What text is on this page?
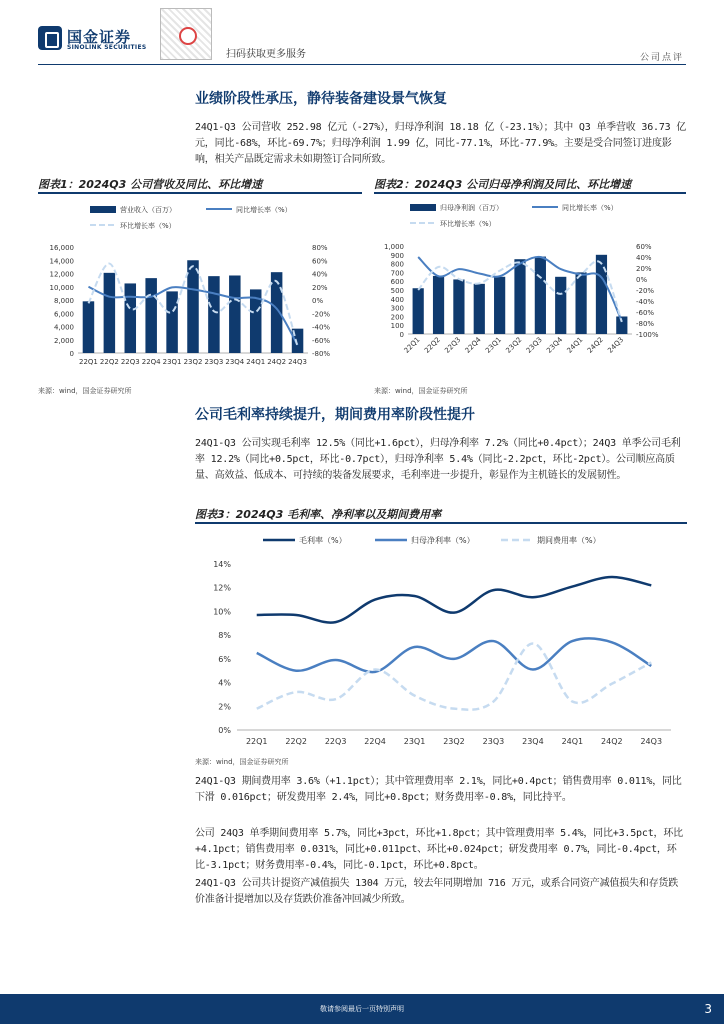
国金证券
SINOLINK SECURITIES
扫码获取更多服务	公司点评
业绩阶段性承压，静待装备建设景气恢复
24Q1-Q3 公司营收 252.98 亿元（-27%），归母净利润 18.18 亿（-23.1%）；其中 Q3 单季营收 36.73 亿元，同比-68%，环比-69.7%；归母净利润 1.99 亿，同比-77.1%，环比-77.9%。主要是受合同签订进度影响，相关产品既定需求未如期签订合同所致。
图表1：2024Q3 公司营收及同比、环比增速
营业收入（百万）	同比增长率（%）
环比增长率（%）
16,000
14,000
12,000
10,000
8,000
6,000
4,000
2,000
0
80%
60%
40%
20%
0%
-20%
-40%
-60%
-80%
22Q1 22Q2 22Q3 22Q4 23Q1 23Q2 23Q3 23Q4 24Q1 24Q2 24Q3
来源：wind，国金证券研究所
图表2：2024Q3 公司归母净利润及同比、环比增速
归母净利润（百万）	同比增长率（%）
环比增长率（%）
1,000
900
800
700
600
500
400
300
200
100
0
60%
40%
20%
0%
-20%
-40%
-60%
-80%
-100%
22Q1 22Q2 22Q3 22Q4 23Q1 23Q2 23Q3 23Q4 24Q1 24Q2 24Q3
来源：wind，国金证券研究所
公司毛利率持续提升，期间费用率阶段性提升
24Q1-Q3 公司实现毛利率 12.5%（同比+1.6pct），归母净利率 7.2%（同比+0.4pct）；24Q3 单季公司毛利率 12.2%（同比+0.5pct，环比-0.7pct），归母净利率 5.4%（同比-2.2pct，环比-2pct）。公司顺应高质量、高效益、低成本、可持续的装备发展要求，毛利率进一步提升，彰显作为主机链长的发展韧性。
图表3：2024Q3 毛利率、净利率以及期间费用率
毛利率（%）	归母净利率（%）	期间费用率（%）
14%
12%
10%
8%
6%
4%
2%
0%
22Q1 22Q2 22Q3 22Q4 23Q1 23Q2 23Q3 23Q4 24Q1 24Q2 24Q3
来源：wind，国金证券研究所
24Q1-Q3 期间费用率 3.6%（+1.1pct）；其中管理费用率 2.1%，同比+0.4pct；销售费用率 0.011%，同比下滑 0.016pct；研发费用率 2.4%，同比+0.8pct；财务费用率-0.8%，同比持平。
公司 24Q3 单季期间费用率 5.7%，同比+3pct，环比+1.8pct；其中管理费用率 5.4%，同比+3.5pct，环比+4.1pct；销售费用率 0.031%，同比+0.011pct、环比+0.024pct；研发费用率 0.7%，同比-0.4pct，环比-3.1pct；财务费用率-0.4%，同比-0.1pct，环比+0.8pct。
24Q1-Q3 公司共计提资产减值损失 1304 万元，较去年同期增加 716 万元，或系合同资产减值损失和存货跌价准备计提增加以及存货跌价准备冲回减少所致。
敬请参阅最后一页特别声明	3
